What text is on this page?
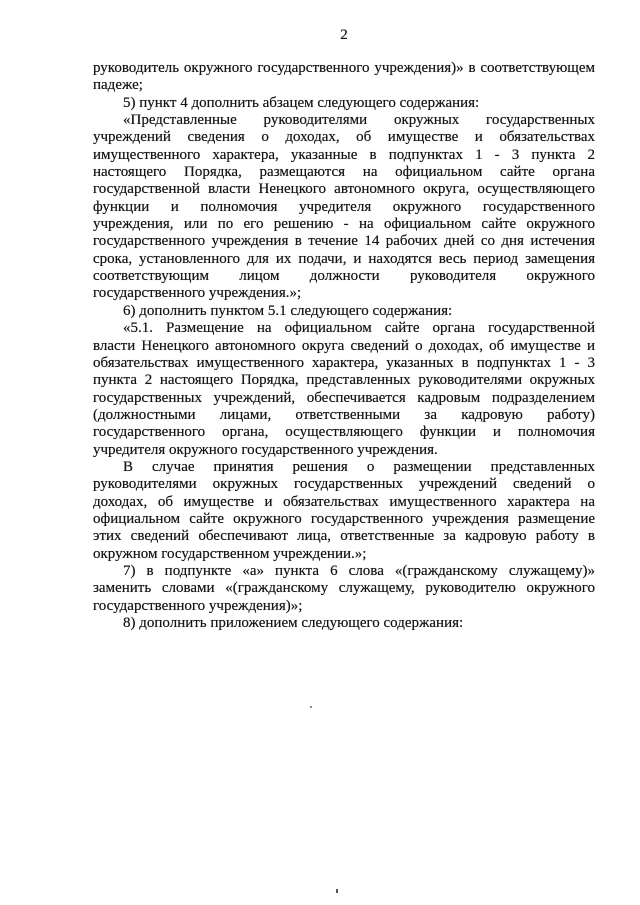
2
руководитель окружного государственного учреждения)» в соответствующем
падеже;
5) пункт 4 дополнить абзацем следующего содержания:
«Представленные руководителями окружных государственных
учреждений сведения о доходах, об имуществе и обязательствах
имущественного характера, указанные в подпунктах 1 - 3 пункта 2
настоящего Порядка, размещаются на официальном сайте органа
государственной власти Ненецкого автономного округа, осуществляющего
функции и полномочия учредителя окружного государственного
учреждения, или по его решению - на официальном сайте окружного
государственного учреждения в течение 14 рабочих дней со дня истечения
срока, установленного для их подачи, и находятся весь период замещения
соответствующим лицом должности руководителя окружного
государственного учреждения.»;
6) дополнить пунктом 5.1 следующего содержания:
«5.1. Размещение на официальном сайте органа государственной
власти Ненецкого автономного округа сведений о доходах, об имуществе и
обязательствах имущественного характера, указанных в подпунктах 1 - 3
пункта 2 настоящего Порядка, представленных руководителями окружных
государственных учреждений, обеспечивается кадровым подразделением
(должностными лицами, ответственными за кадровую работу)
государственного органа, осуществляющего функции и полномочия
учредителя окружного государственного учреждения.
В случае принятия решения о размещении представленных
руководителями окружных государственных учреждений сведений о
доходах, об имуществе и обязательствах имущественного характера на
официальном сайте окружного государственного учреждения размещение
этих сведений обеспечивают лица, ответственные за кадровую работу в
окружном государственном учреждении.»;
7) в подпункте «а» пункта 6 слова «(гражданскому служащему)»
заменить словами «(гражданскому служащему, руководителю окружного
государственного учреждения)»;
8) дополнить приложением следующего содержания:
